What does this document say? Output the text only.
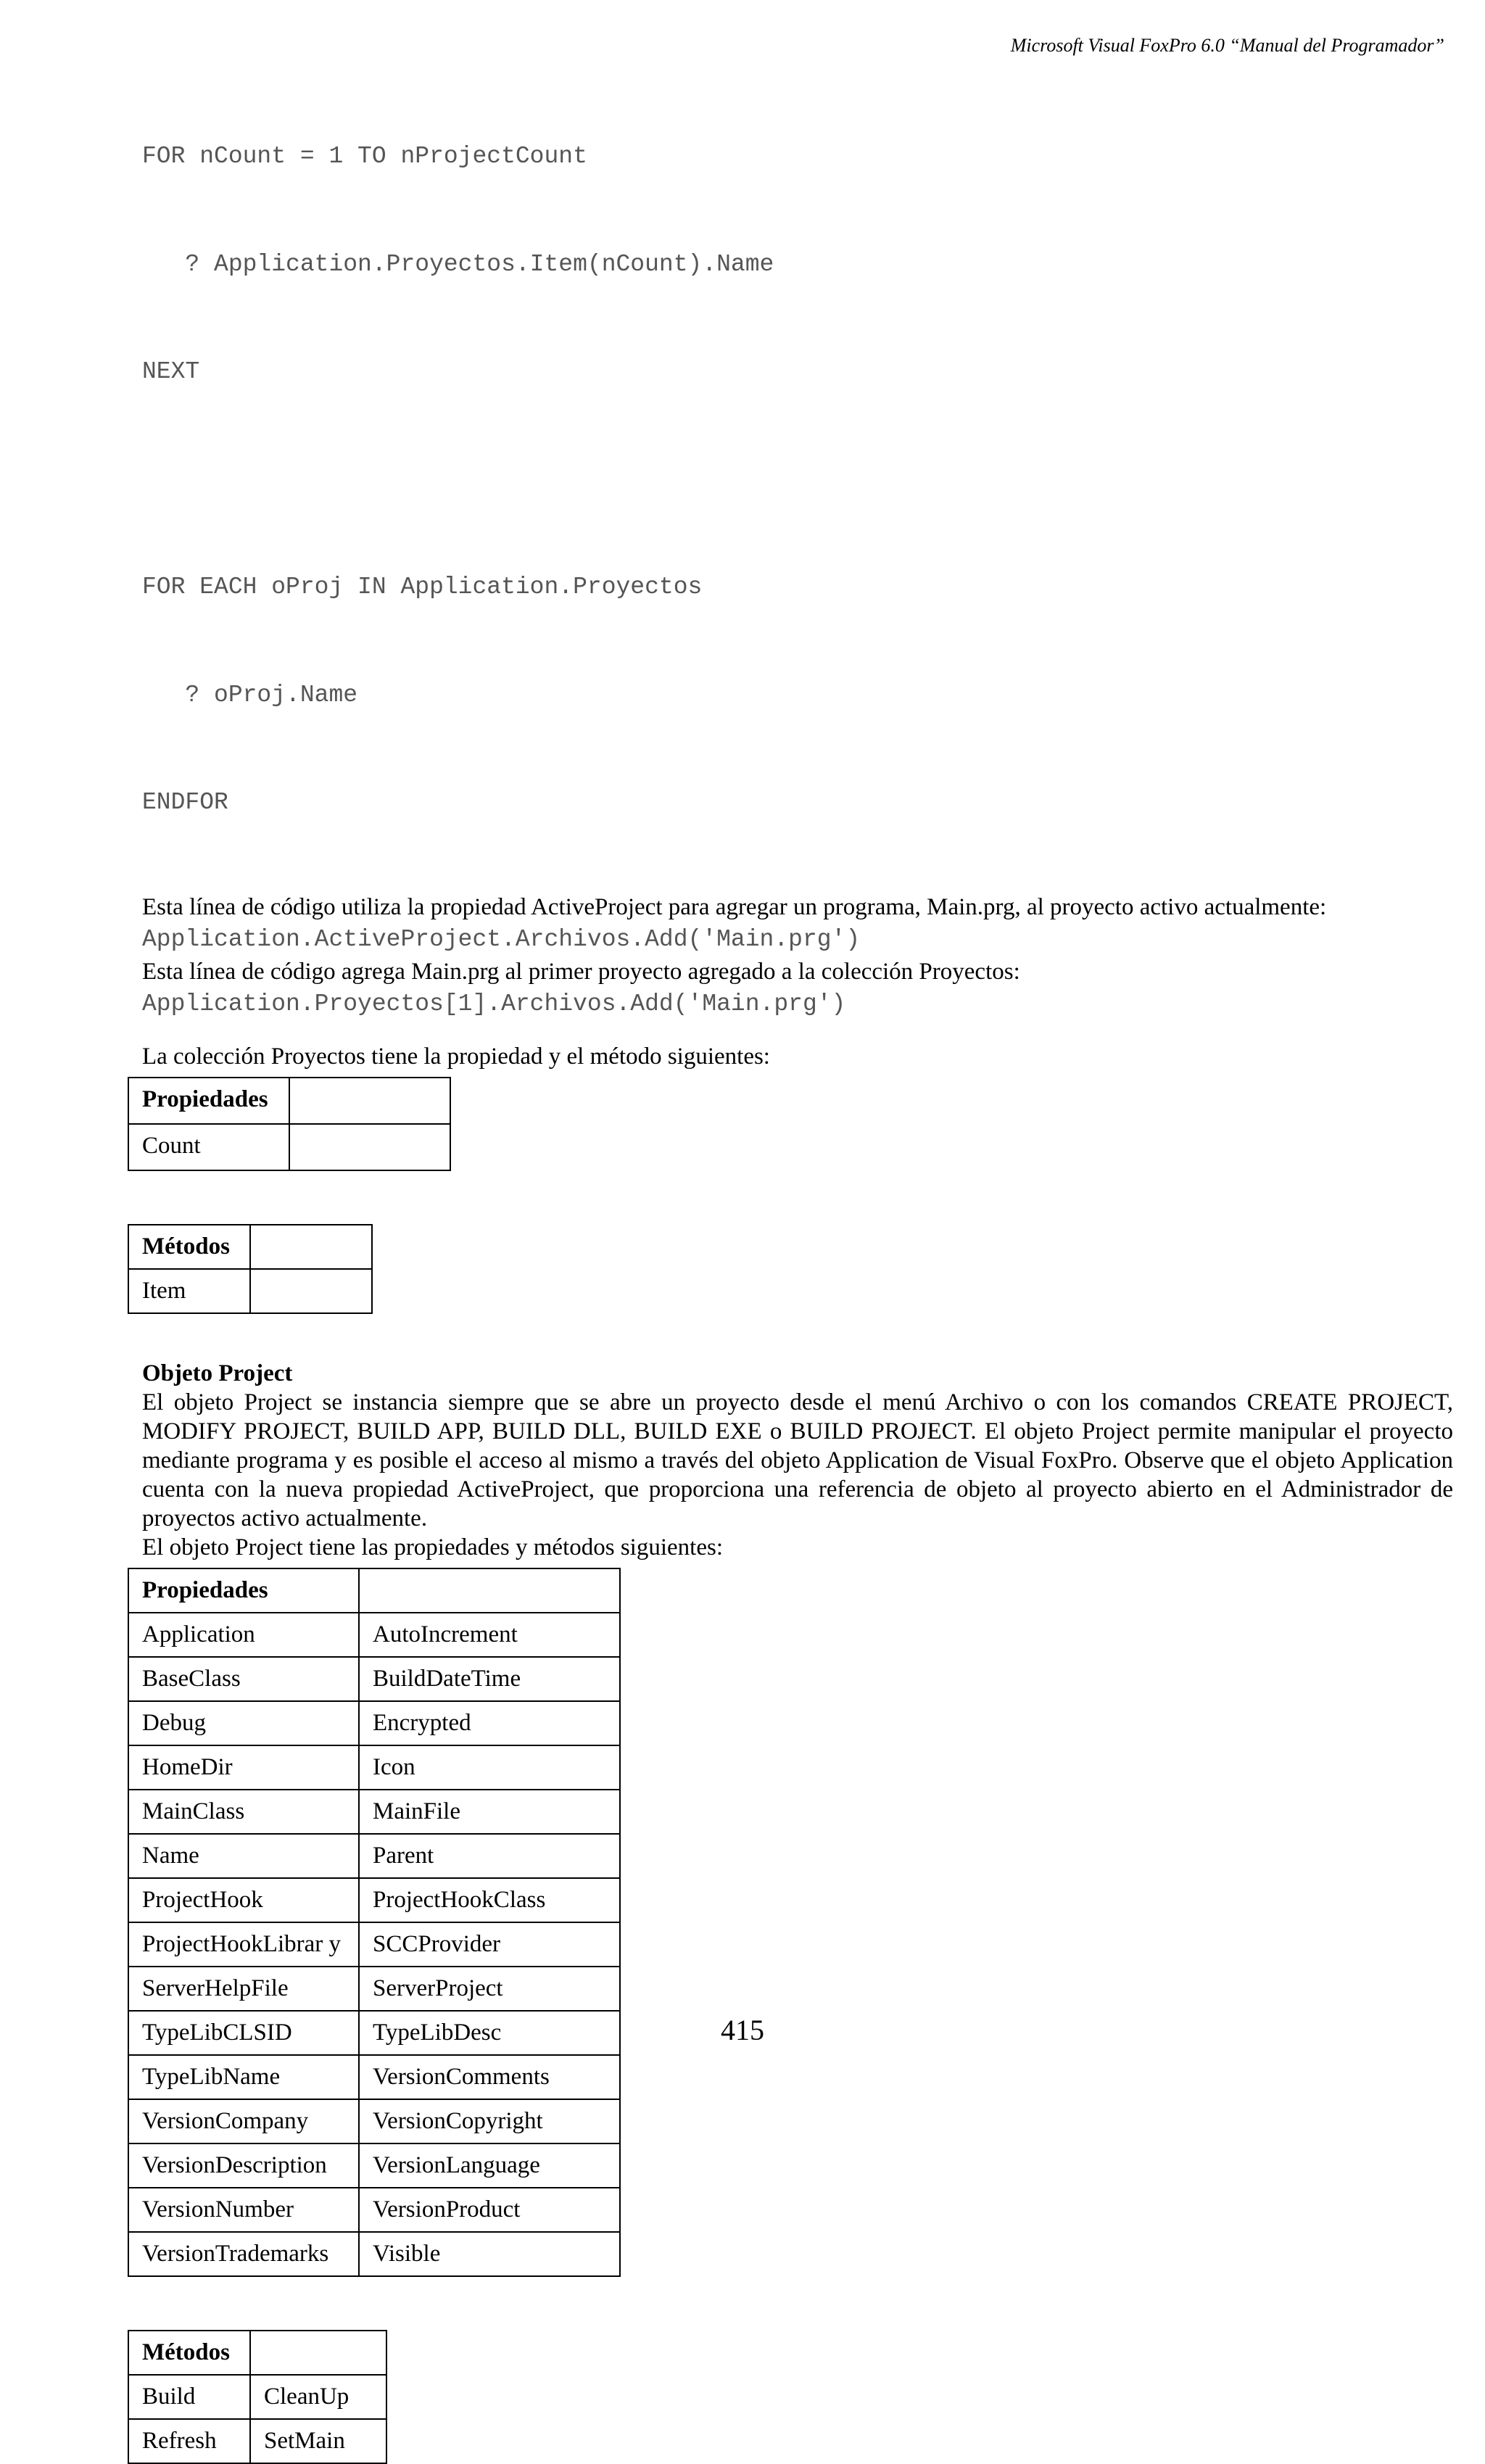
Microsoft Visual FoxPro 6.0 “Manual del Programador”

FOR nCount = 1 TO nProjectCount

? Application.Proyectos.Item(nCount).Name

NEXT

FOR EACH oProj IN Application.Proyectos

? oProj.Name

ENDFOR

Esta línea de código utiliza la propiedad ActiveProject para agregar un programa, Main.prg, al proyecto activo actualmente:

Application.ActiveProject.Archivos.Add('Main.prg')

Esta línea de código agrega Main.prg al primer proyecto agregado a la colección Proyectos:

Application.Proyectos[1].Archivos.Add('Main.prg')

La colección Proyectos tiene la propiedad y el método siguientes:

Propiedades	
Count	
Métodos	
Item	

Objeto Project

El objeto Project se instancia siempre que se abre un proyecto desde el menú Archivo o con los comandos CREATE PROJECT, MODIFY PROJECT, BUILD APP, BUILD DLL, BUILD EXE o BUILD PROJECT. El objeto Project permite manipular el proyecto mediante programa y es posible el acceso al mismo a través del objeto Application de Visual FoxPro. Observe que el objeto Application cuenta con la nueva propiedad ActiveProject, que proporciona una referencia de objeto al proyecto abierto en el Administrador de proyectos activo actualmente.

El objeto Project tiene las propiedades y métodos siguientes:

Propiedades	
Application	AutoIncrement
BaseClass	BuildDateTime
Debug	Encrypted
HomeDir	Icon
MainClass	MainFile
Name	Parent
ProjectHook	ProjectHookClass
ProjectHookLibrar y	SCCProvider
ServerHelpFile	ServerProject
TypeLibCLSID	TypeLibDesc
TypeLibName	VersionComments
VersionCompany	VersionCopyright
VersionDescription	VersionLanguage
VersionNumber	VersionProduct
VersionTrademarks	Visible
Métodos	
Build	CleanUp
Refresh	SetMain
415
